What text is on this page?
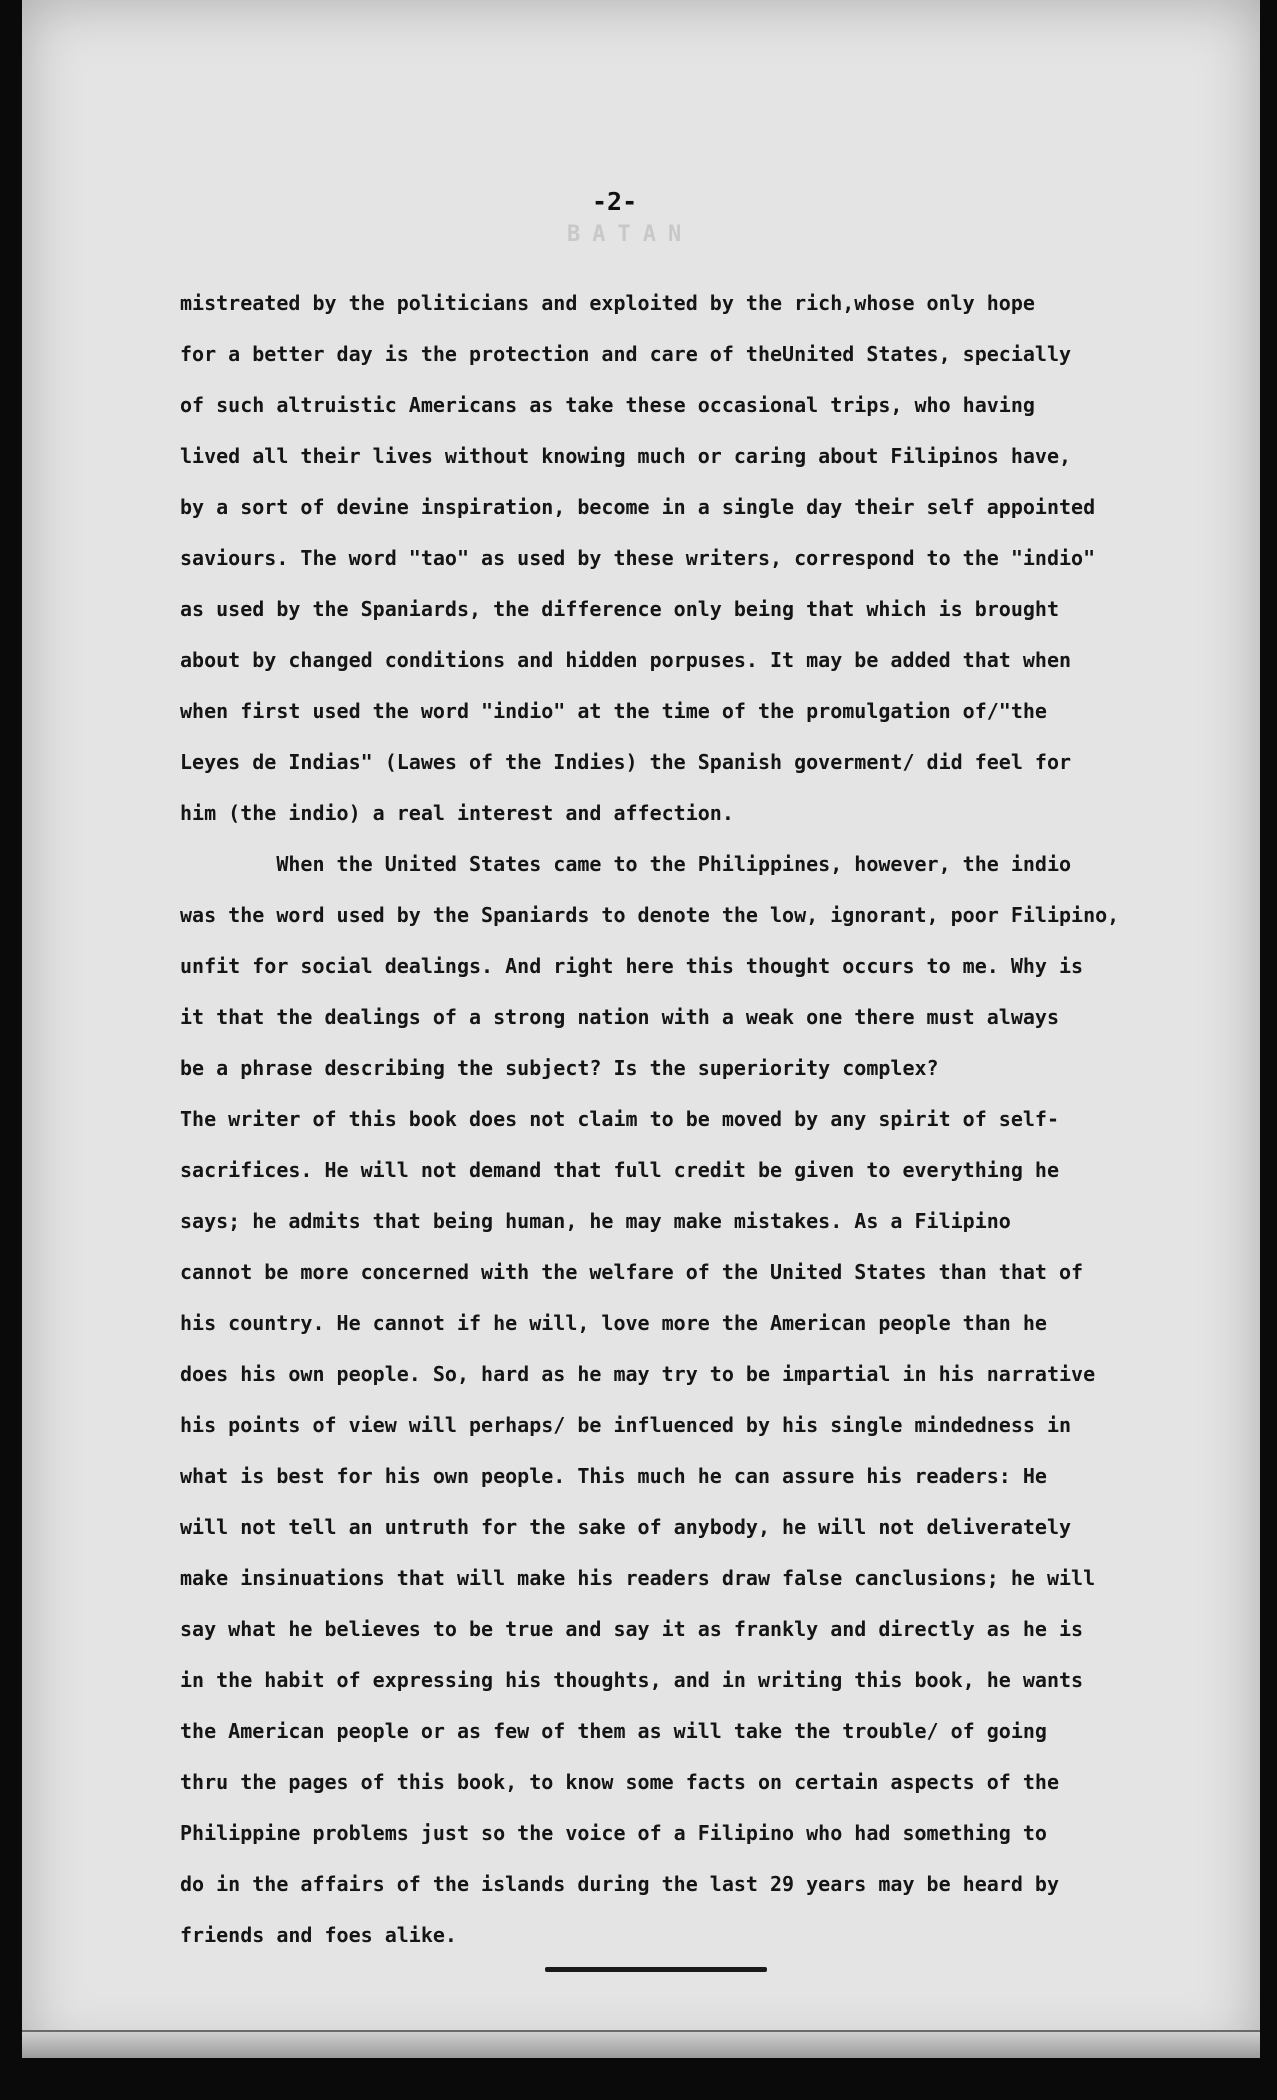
BATAN
-2-
mistreated by the politicians and exploited by the rich,whose only hope
for a better day is the protection and care of theUnited States, specially
of such altruistic Americans as take these occasional trips, who having
lived all their lives without knowing much or caring about Filipinos have,
by a sort of devine inspiration, become in a single day their self appointed
saviours. The word "tao" as used by these writers, correspond to the "indio"
as used by the Spaniards, the difference only being that which is brought
about by changed conditions and hidden porpuses. It may be added that when
when first used the word "indio" at the time of the promulgation of/"the
Leyes de Indias" (Lawes of the Indies) the Spanish goverment/ did feel for
him (the indio) a real interest and affection.
When the United States came to the Philippines, however, the indio
was the word used by the Spaniards to denote the low, ignorant, poor Filipino,
unfit for social dealings. And right here this thought occurs to me. Why is
it that the dealings of a strong nation with a weak one there must always
be a phrase describing the subject? Is the superiority complex?
The writer of this book does not claim to be moved by any spirit of self-
sacrifices. He will not demand that full credit be given to everything he
says; he admits that being human, he may make mistakes. As a Filipino
cannot be more concerned with the welfare of the United States than that of
his country. He cannot if he will, love more the American people than he
does his own people. So, hard as he may try to be impartial in his narrative
his points of view will perhaps/ be influenced by his single mindedness in
what is best for his own people. This much he can assure his readers: He
will not tell an untruth for the sake of anybody, he will not deliverately
make insinuations that will make his readers draw false canclusions; he will
say what he believes to be true and say it as frankly and directly as he is
in the habit of expressing his thoughts, and in writing this book, he wants
the American people or as few of them as will take the trouble/ of going
thru the pages of this book, to know some facts on certain aspects of the
Philippine problems just so the voice of a Filipino who had something to
do in the affairs of the islands during the last 29 years may be heard by
friends and foes alike.
